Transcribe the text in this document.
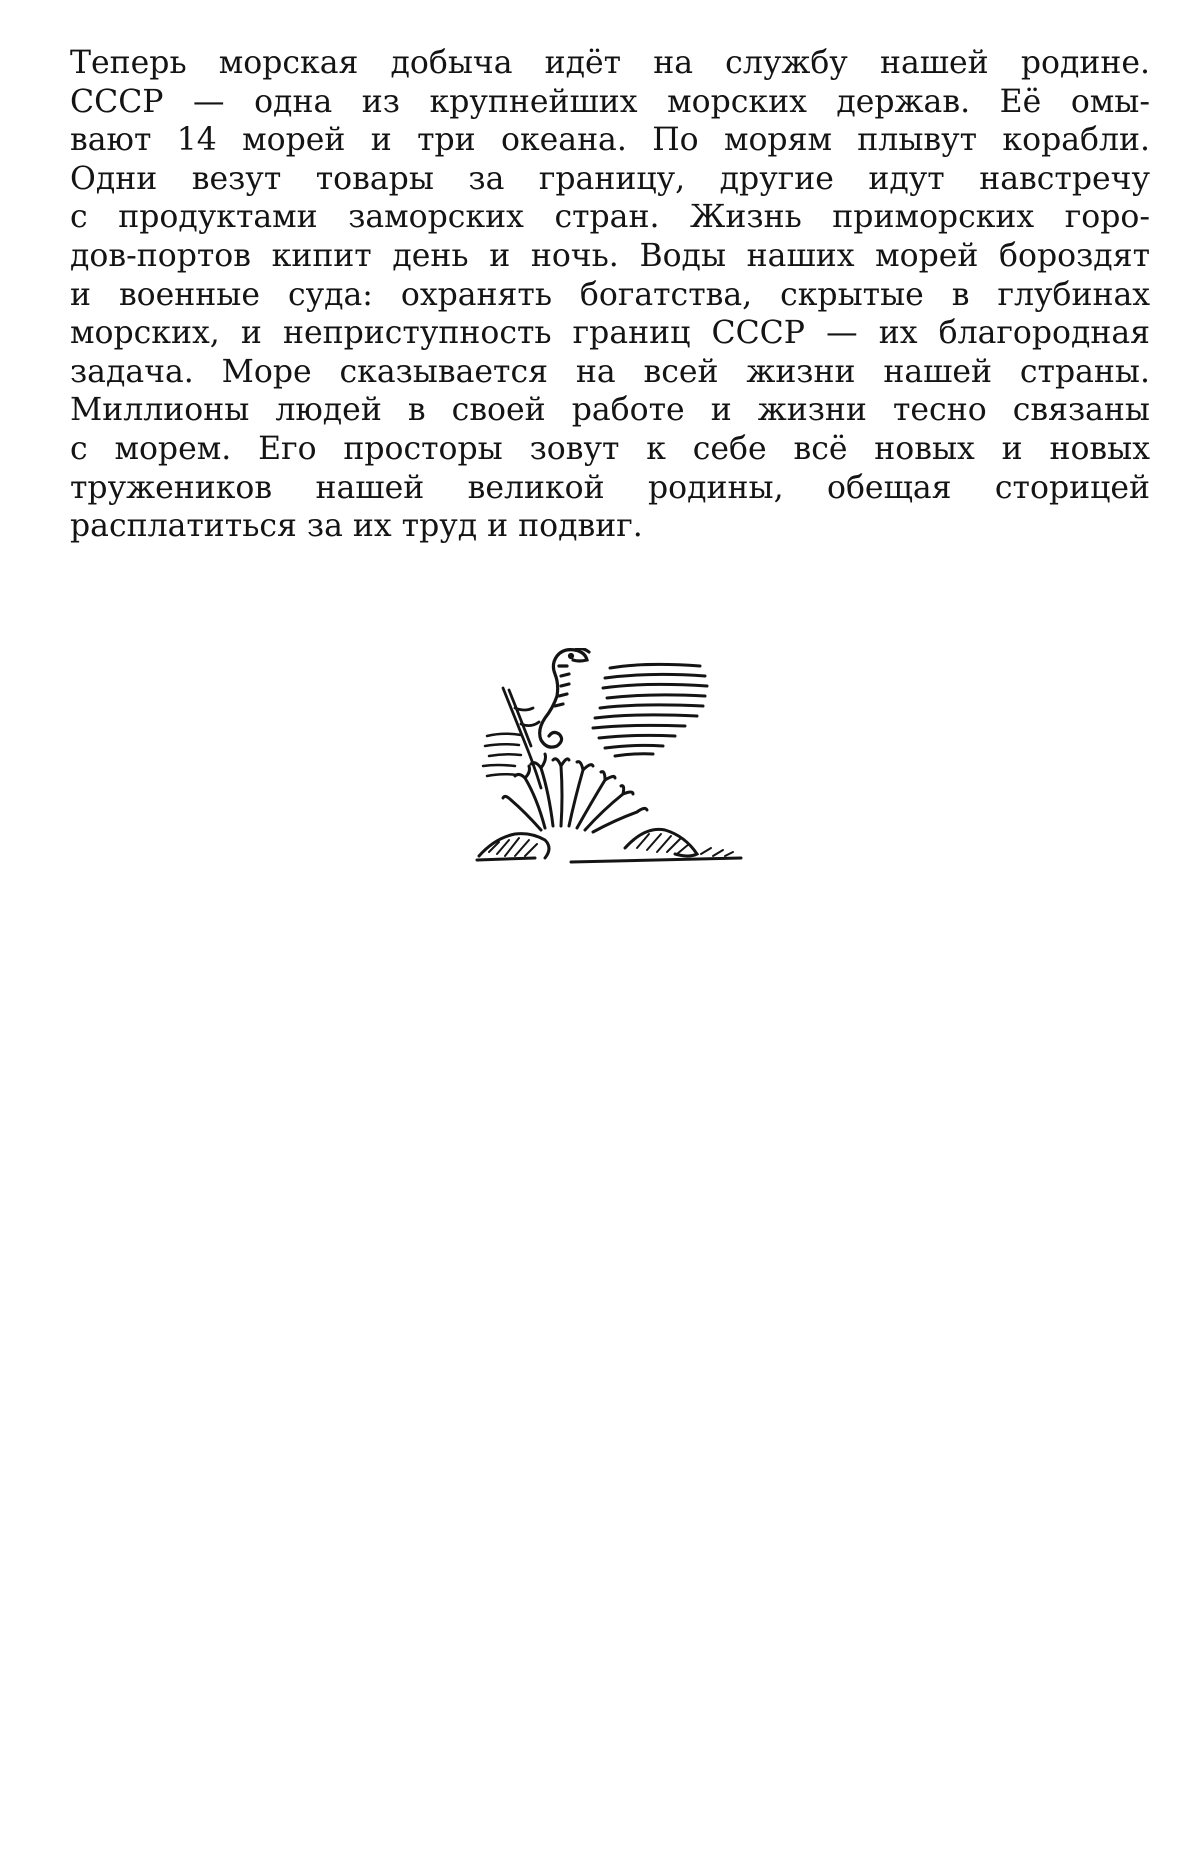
Теперь морская добыча идёт на службу нашей родине.
СССР — одна из крупнейших морских держав. Её омы-
вают 14 морей и три океана. По морям плывут корабли.
Одни везут товары за границу, другие идут навстречу
с продуктами заморских стран. Жизнь приморских горо-
дов-портов кипит день и ночь. Воды наших морей бороздят
и военные суда: охранять богатства, скрытые в глубинах
морских, и неприступность границ СССР — их благородная
задача. Море сказывается на всей жизни нашей страны.
Миллионы людей в своей работе и жизни тесно связаны
с морем. Его просторы зовут к себе всё новых и новых
тружеников нашей великой родины, обещая сторицей
расплатиться за их труд и подвиг.
